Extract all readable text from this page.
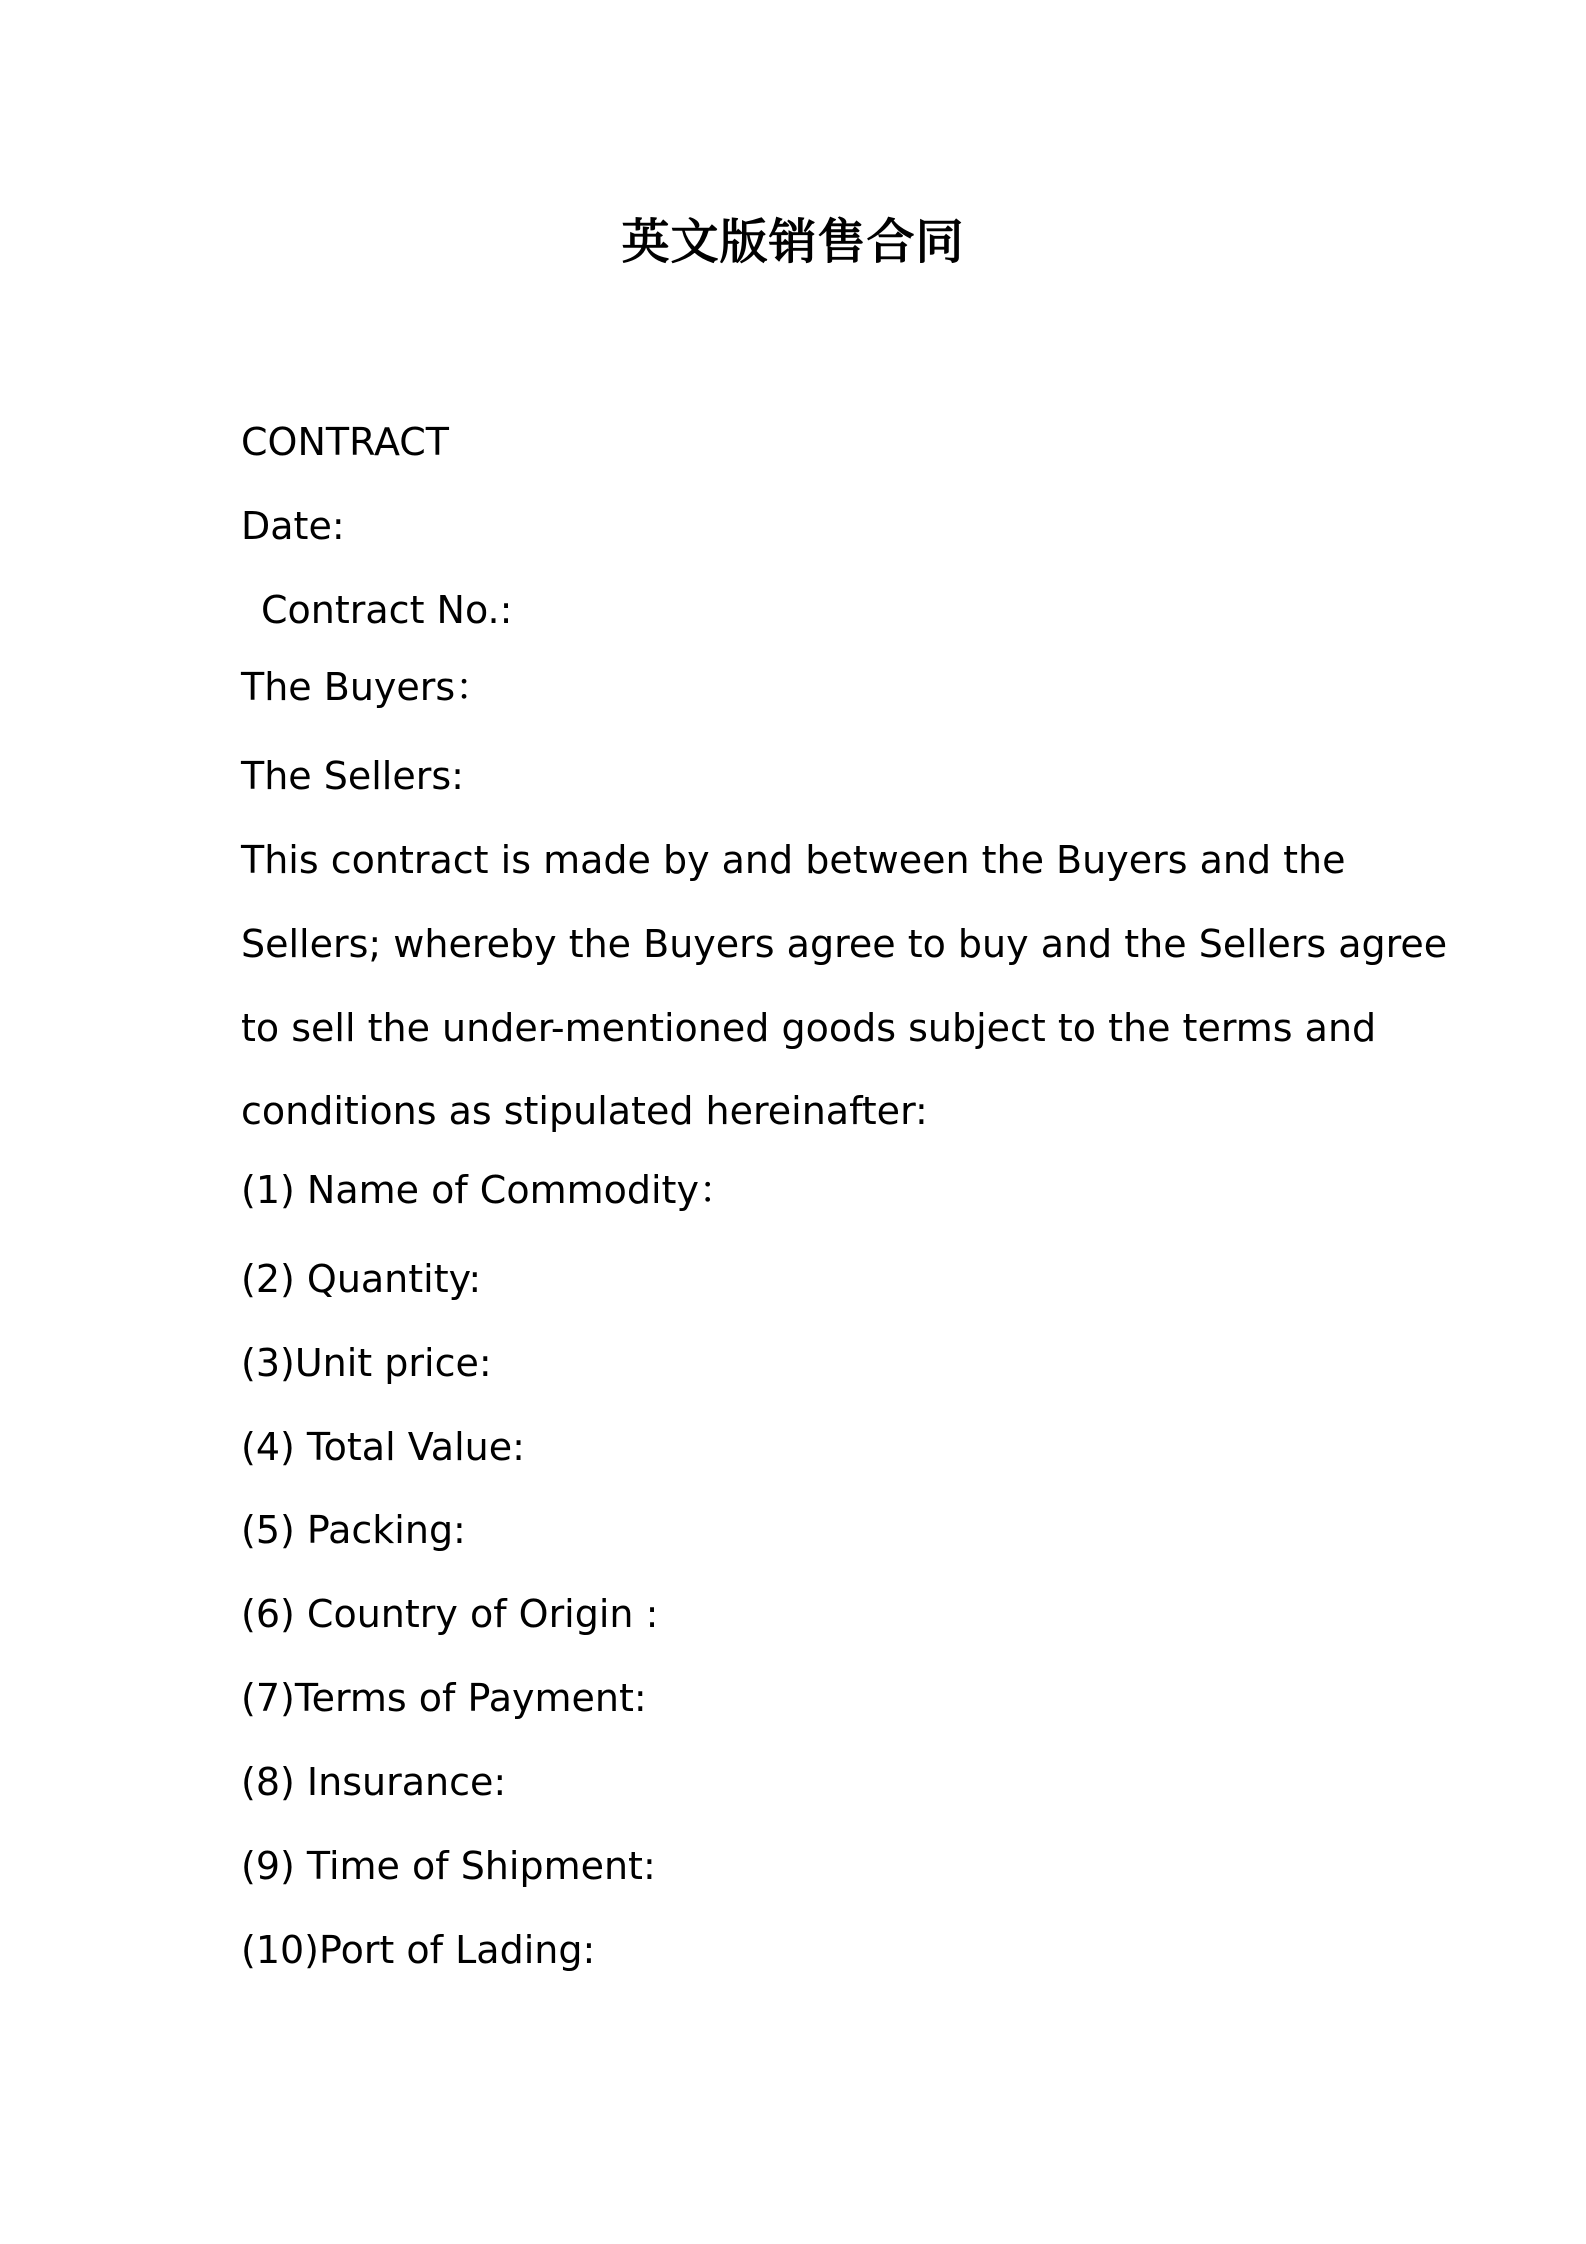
英文版销售合同
CONTRACT
Date:
Contract No.:
The Buyers：
The Sellers:
This contract is made by and between the Buyers and the
Sellers; whereby the Buyers agree to buy and the Sellers agree
to sell the under-mentioned goods subject to the terms and
conditions as stipulated hereinafter:
(1) Name of Commodity：
(2) Quantity:
(3)Unit price:
(4) Total Value:
(5) Packing:
(6) Country of Origin :
(7)Terms of Payment:
(8) Insurance:
(9) Time of Shipment:
(10)Port of Lading:
